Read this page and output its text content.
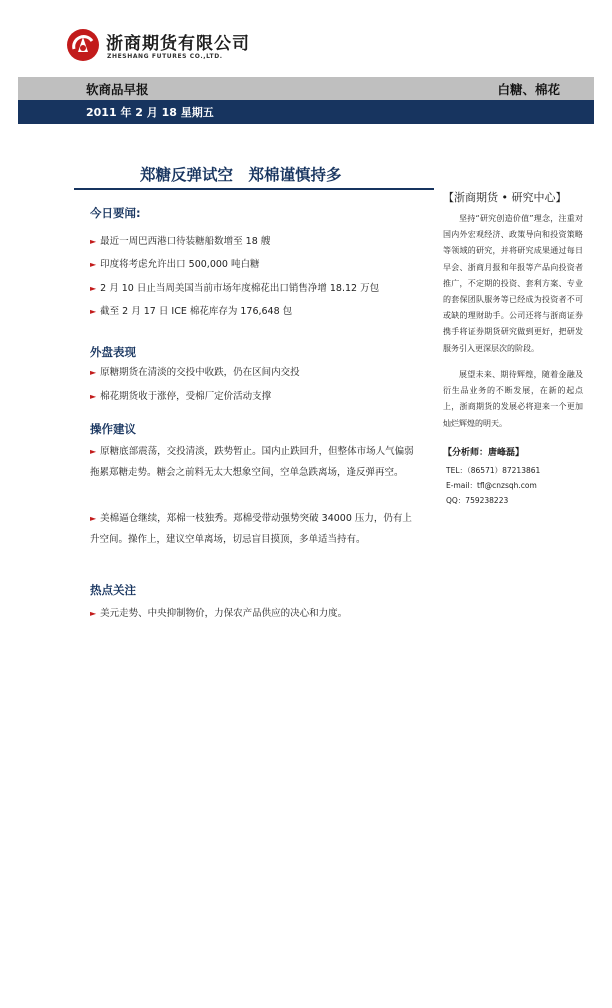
浙商期货有限公司
ZHESHANG FUTURES CO.,LTD.
软商品早报	白糖、棉花
2011 年 2 月 18 星期五
郑糖反弹试空　郑棉谨慎持多
今日要闻:
► 最近一周巴西港口待装糖船数增至 18 艘
► 印度将考虑允许出口 500,000 吨白糖
► 2 月 10 日止当周美国当前市场年度棉花出口销售净增 18.12 万包
► 截至 2 月 17 日 ICE 棉花库存为 176,648 包
外盘表现
► 原糖期货在清淡的交投中收跌，仍在区间内交投
► 棉花期货收于涨停，受棉厂定价活动支撑
操作建议
► 原糖底部震荡，交投清淡，跌势暂止。国内止跌回升，但整体市场人气偏弱拖累郑糖走势。糖会之前料无太大想象空间，空单急跌离场，逢反弹再空。
► 美棉逼仓继续，郑棉一枝独秀。郑棉受带动强势突破 34000 压力，仍有上升空间。操作上，建议空单离场，切忌盲目摸顶，多单适当持有。
热点关注
► 美元走势、中央抑制物价，力保农产品供应的决心和力度。
【浙商期货 • 研究中心】
坚持“研究创造价值”理念，注重对国内外宏观经济、政策导向和投资策略等领域的研究，并将研究成果通过每日早会、浙商月报和年报等产品向投资者推广，不定期的投资、套利方案、专业的套保团队服务等已经成为投资者不可或缺的理财助手。公司还将与浙商证券携手将证券期货研究做到更好，把研发服务引入更深层次的阶段。
展望未来、期待辉煌，随着金融及衍生品业务的不断发展，在新的起点上，浙商期货的发展必将迎来一个更加灿烂辉煌的明天。
【分析师：唐峰磊】
TEL：（86571）87213861
E-mail：tfl@cnzsqh.com
QQ：759238223
